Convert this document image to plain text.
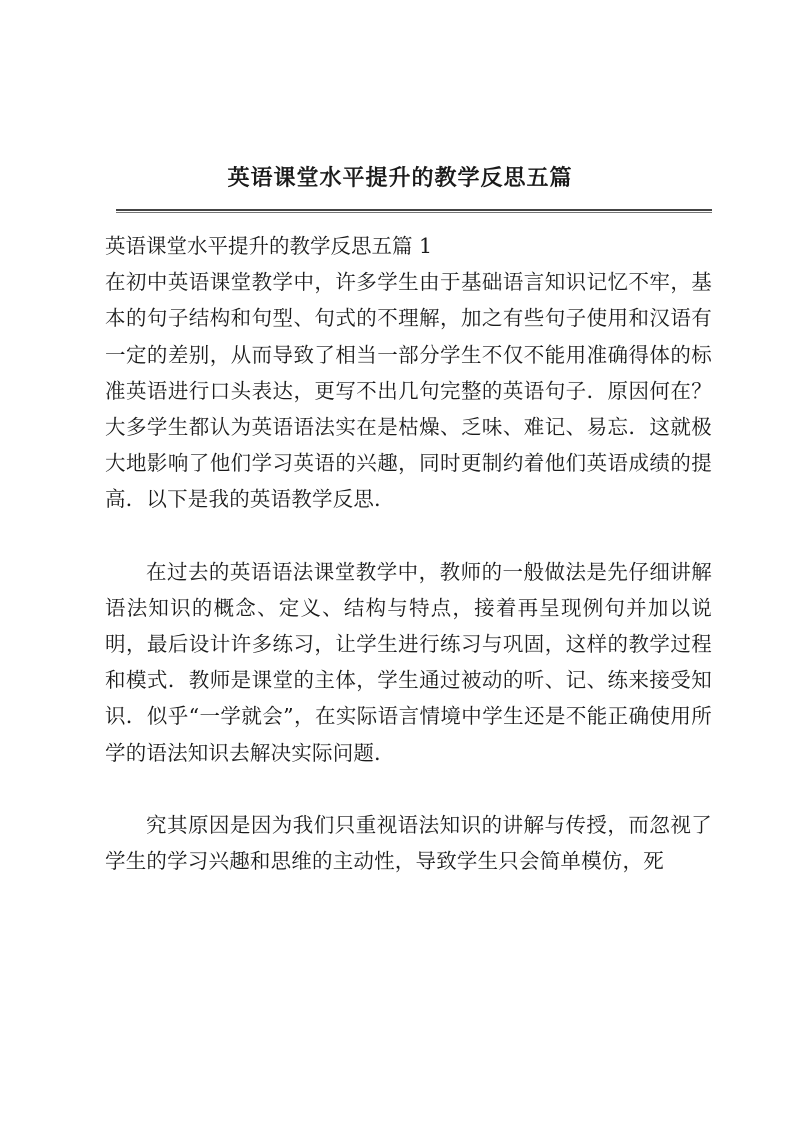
英语课堂水平提升的教学反思五篇
英语课堂水平提升的教学反思五篇 1

在初中英语课堂教学中，许多学生由于基础语言知识记忆不牢，基本的句子结构和句型、句式的不理解，加之有些句子使用和汉语有一定的差别，从而导致了相当一部分学生不仅不能用准确得体的标准英语进行口头表达，更写不出几句完整的英语句子．原因何在？大多学生都认为英语语法实在是枯燥、乏味、难记、易忘．这就极大地影响了他们学习英语的兴趣，同时更制约着他们英语成绩的提高．以下是我的英语教学反思．

在过去的英语语法课堂教学中，教师的一般做法是先仔细讲解语法知识的概念、定义、结构与特点，接着再呈现例句并加以说明，最后设计许多练习，让学生进行练习与巩固，这样的教学过程和模式．教师是课堂的主体，学生通过被动的听、记、练来接受知识．似乎“一学就会”，在实际语言情境中学生还是不能正确使用所学的语法知识去解决实际问题．

究其原因是因为我们只重视语法知识的讲解与传授，而忽视了学生的学习兴趣和思维的主动性，导致学生只会简单模仿，死
